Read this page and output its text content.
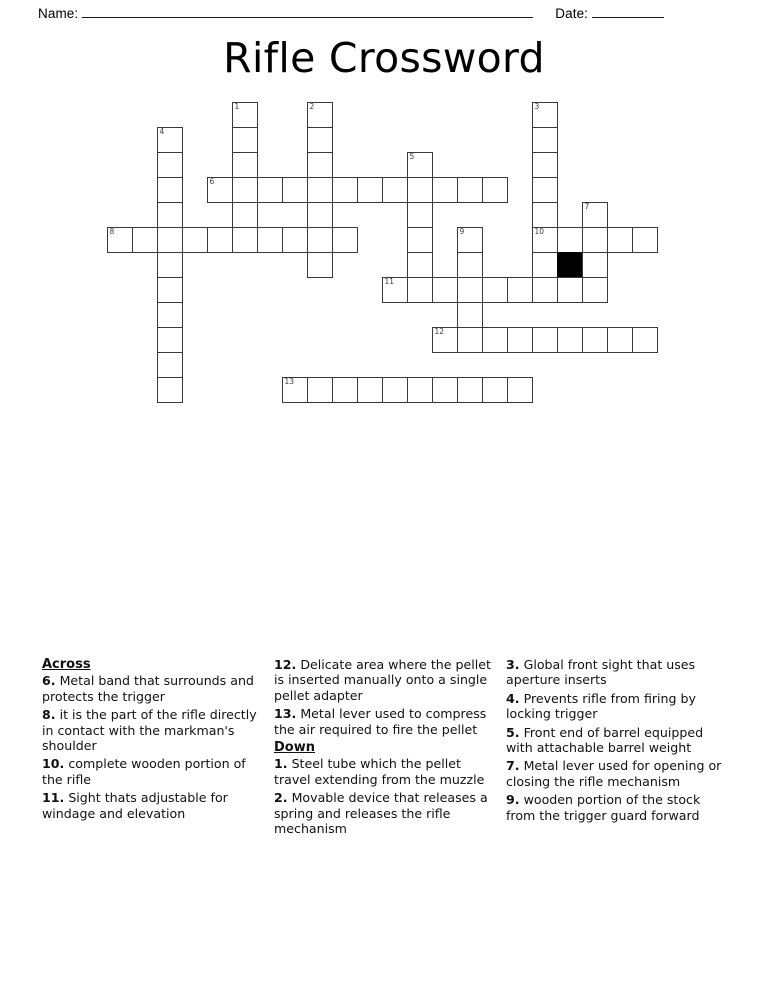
Name:	Date:
Rifle Crossword
1	2	3
4
5
6
7
8	9	10
11
12
13
Across
6. Metal band that surrounds and protects the trigger
8. it is the part of the rifle directly in contact with the markman's shoulder
10. complete wooden portion of the rifle
11. Sight thats adjustable for windage and elevation
12. Delicate area where the pellet is inserted manually onto a single pellet adapter
13. Metal lever used to compress the air required to fire the pellet
Down
1. Steel tube which the pellet travel extending from the muzzle
2. Movable device that releases a spring and releases the rifle mechanism
3. Global front sight that uses aperture inserts
4. Prevents rifle from firing by locking trigger
5. Front end of barrel equipped with attachable barrel weight
7. Metal lever used for opening or closing the rifle mechanism
9. wooden portion of the stock from the trigger guard forward
